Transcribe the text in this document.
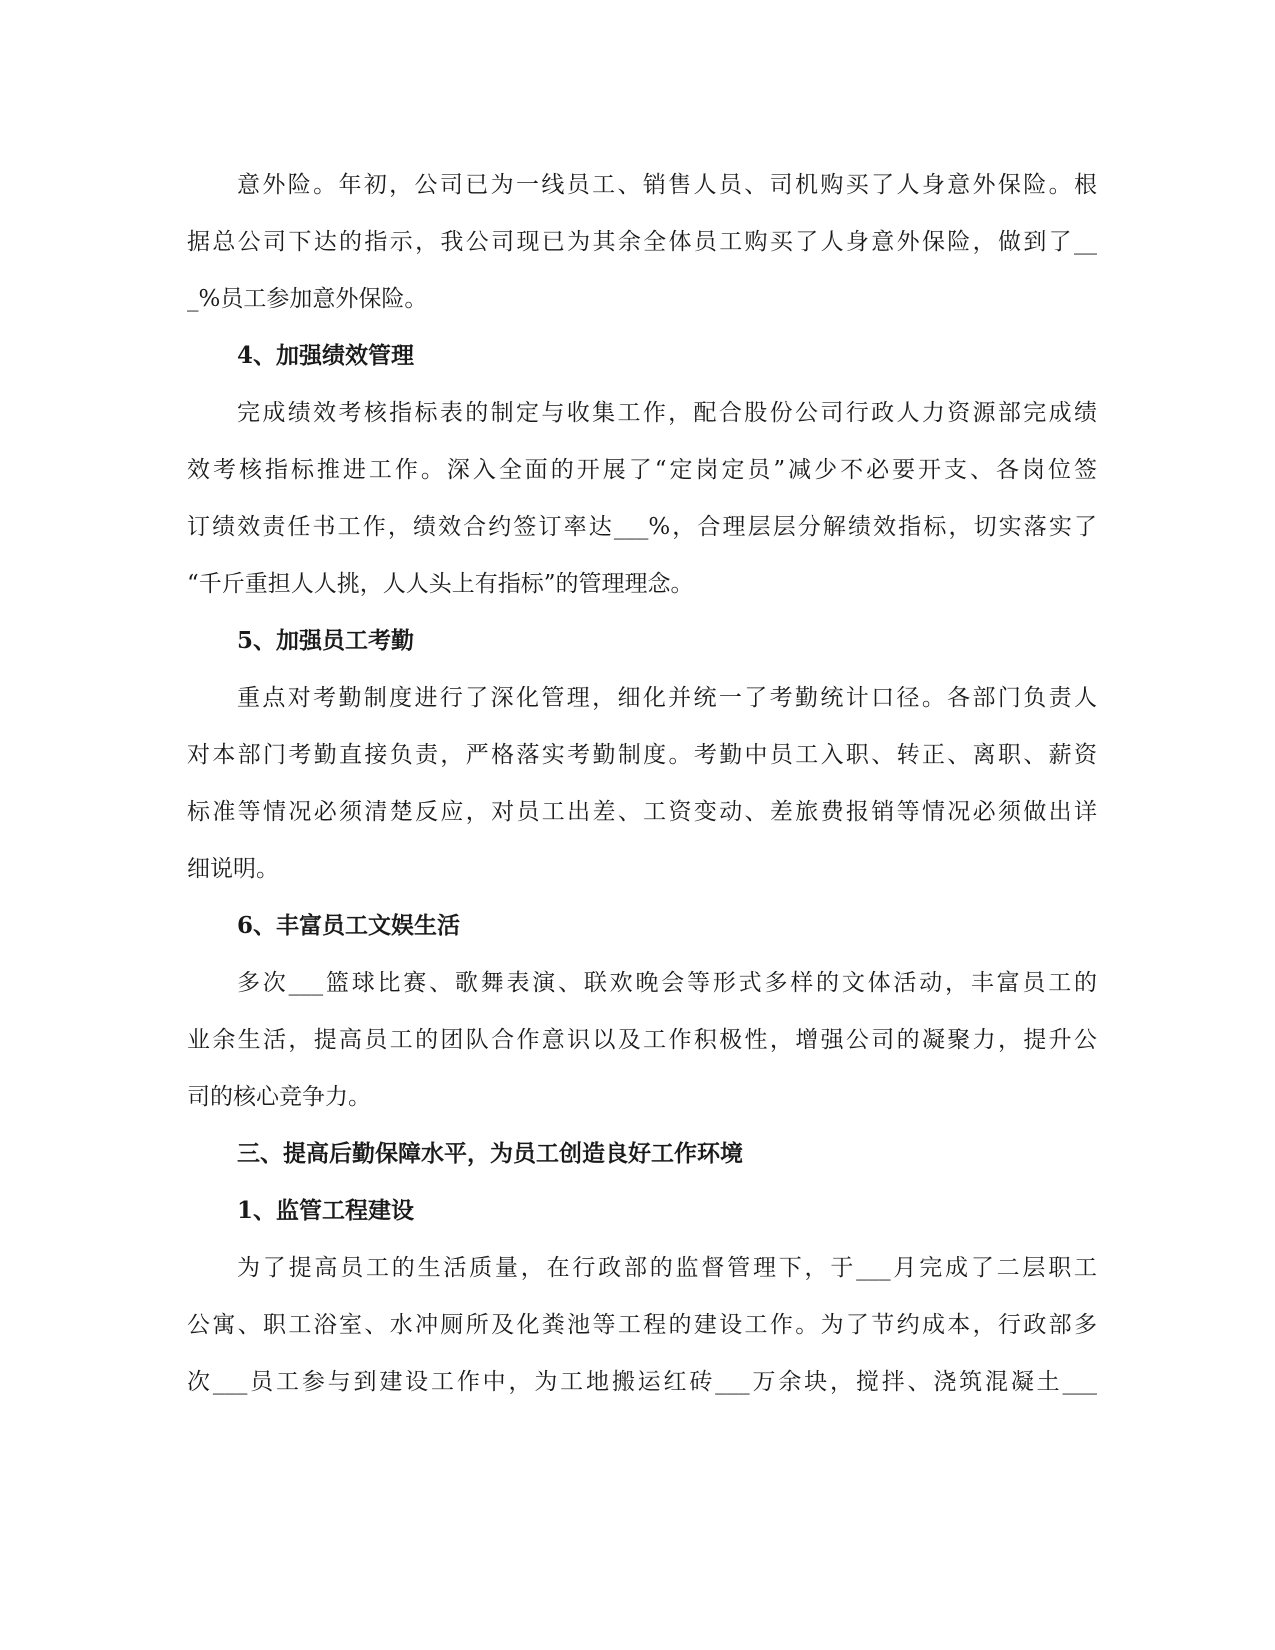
意外险。年初，公司已为一线员工、销售人员、司机购买了人身意外保险。根
据总公司下达的指示，我公司现已为其余全体员工购买了人身意外保险，做到了__
_%员工参加意外保险。
4、加强绩效管理
完成绩效考核指标表的制定与收集工作，配合股份公司行政人力资源部完成绩
效考核指标推进工作。深入全面的开展了“定岗定员”减少不必要开支、各岗位签
订绩效责任书工作，绩效合约签订率达___%，合理层层分解绩效指标，切实落实了
“千斤重担人人挑，人人头上有指标”的管理理念。
5、加强员工考勤
重点对考勤制度进行了深化管理，细化并统一了考勤统计口径。各部门负责人
对本部门考勤直接负责，严格落实考勤制度。考勤中员工入职、转正、离职、薪资
标准等情况必须清楚反应，对员工出差、工资变动、差旅费报销等情况必须做出详
细说明。
6、丰富员工文娱生活
多次___篮球比赛、歌舞表演、联欢晚会等形式多样的文体活动，丰富员工的
业余生活，提高员工的团队合作意识以及工作积极性，增强公司的凝聚力，提升公
司的核心竞争力。
三、提高后勤保障水平，为员工创造良好工作环境
1、监管工程建设
为了提高员工的生活质量，在行政部的监督管理下，于___月完成了二层职工
公寓、职工浴室、水冲厕所及化粪池等工程的建设工作。为了节约成本，行政部多
次___员工参与到建设工作中，为工地搬运红砖___万余块，搅拌、浇筑混凝土___
